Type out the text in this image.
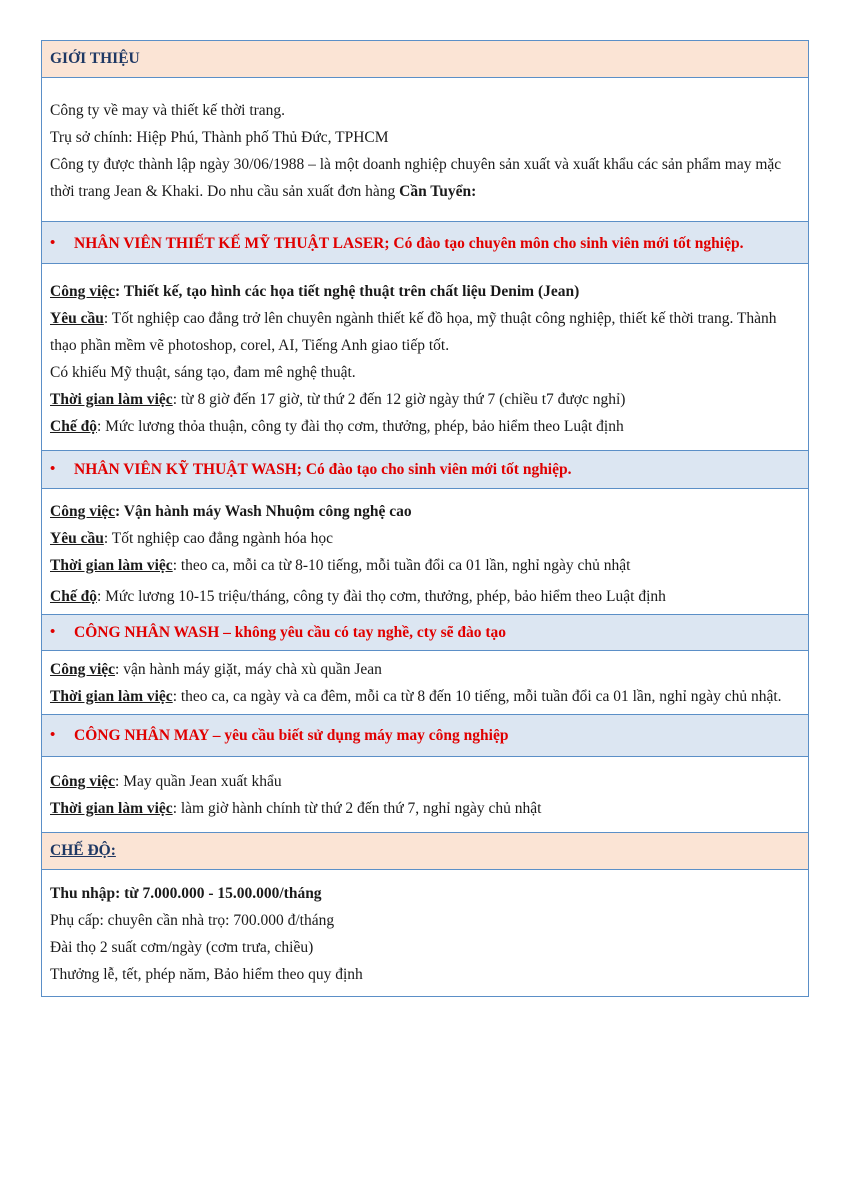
GIỚI THIỆU

Công ty về may và thiết kế thời trang.

Trụ sở chính: Hiệp Phú, Thành phố Thủ Đức, TPHCM

Công ty được thành lập ngày 30/06/1988 – là một doanh nghiệp chuyên sản xuất và xuất khẩu các sản phẩm may mặc thời trang Jean & Khaki. Do nhu cầu sản xuất đơn hàng Cần Tuyển:

•	NHÂN VIÊN THIẾT KẾ MỸ THUẬT LASER; Có đào tạo chuyên môn cho sinh viên mới tốt nghiệp.

Công việc: Thiết kế, tạo hình các họa tiết nghệ thuật trên chất liệu Denim (Jean)

Yêu cầu: Tốt nghiệp cao đẳng trở lên chuyên ngành thiết kế đồ họa, mỹ thuật công nghiệp, thiết kế thời trang. Thành thạo phần mềm vẽ photoshop, corel, AI, Tiếng Anh giao tiếp tốt.

Có khiếu Mỹ thuật, sáng tạo, đam mê nghệ thuật.

Thời gian làm việc: từ 8 giờ đến 17 giờ, từ thứ 2 đến 12 giờ ngày thứ 7 (chiều t7 được nghỉ)

Chế độ: Mức lương thỏa thuận, công ty đài thọ cơm, thưởng, phép, bảo hiểm theo Luật định

•	NHÂN VIÊN KỸ THUẬT WASH; Có đào tạo cho sinh viên mới tốt nghiệp.

Công việc: Vận hành máy Wash Nhuộm công nghệ cao

Yêu cầu: Tốt nghiệp cao đẳng ngành hóa học

Thời gian làm việc: theo ca, mỗi ca từ 8-10 tiếng, mỗi tuần đổi ca 01 lần, nghỉ ngày chủ nhật

Chế độ: Mức lương 10-15 triệu/tháng, công ty đài thọ cơm, thưởng, phép, bảo hiểm theo Luật định

•	CÔNG NHÂN WASH – không yêu cầu có tay nghề, cty sẽ đào tạo

Công việc: vận hành máy giặt, máy chà xù quần Jean

Thời gian làm việc: theo ca, ca ngày và ca đêm, mỗi ca từ 8 đến 10 tiếng, mỗi tuần đổi ca 01 lần, nghỉ ngày chủ nhật.

•	CÔNG NHÂN MAY – yêu cầu biết sử dụng máy may công nghiệp

Công việc: May quần Jean xuất khẩu

Thời gian làm việc: làm giờ hành chính từ thứ 2 đến thứ 7, nghỉ ngày chủ nhật

CHẾ ĐỘ:

Thu nhập: từ 7.000.000 - 15.00.000/tháng

Phụ cấp: chuyên cần nhà trọ: 700.000 đ/tháng

Đài thọ 2 suất cơm/ngày (cơm trưa, chiều)

Thưởng lễ, tết, phép năm, Bảo hiểm theo quy định
